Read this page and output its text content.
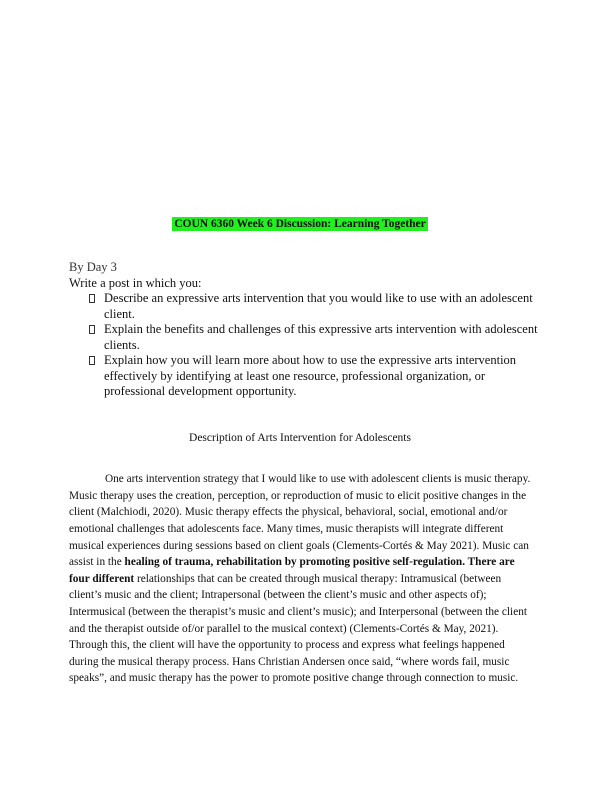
COUN 6360 Week 6 Discussion: Learning Together
By Day 3
Write a post in which you:
Describe an expressive arts intervention that you would like to use with an adolescent client.
Explain the benefits and challenges of this expressive arts intervention with adolescent clients.
Explain how you will learn more about how to use the expressive arts intervention effectively by identifying at least one resource, professional organization, or professional development opportunity.
Description of Arts Intervention for Adolescents

One arts intervention strategy that I would like to use with adolescent clients is music therapy. Music therapy uses the creation, perception, or reproduction of music to elicit positive changes in the client (Malchiodi, 2020). Music therapy effects the physical, behavioral, social, emotional and/or emotional challenges that adolescents face. Many times, music therapists will integrate different musical experiences during sessions based on client goals (Clements-Cortés & May 2021). Music can assist in the healing of trauma, rehabilitation by promoting positive self-regulation. There are four different relationships that can be created through musical therapy: Intramusical (between client’s music and the client; Intrapersonal (between the client’s music and other aspects of); Intermusical (between the therapist’s music and client’s music); and Interpersonal (between the client and the therapist outside of/or parallel to the musical context) (Clements-Cortés & May, 2021). Through this, the client will have the opportunity to process and express what feelings happened during the musical therapy process. Hans Christian Andersen once said, “where words fail, music speaks”, and music therapy has the power to promote positive change through connection to music.
